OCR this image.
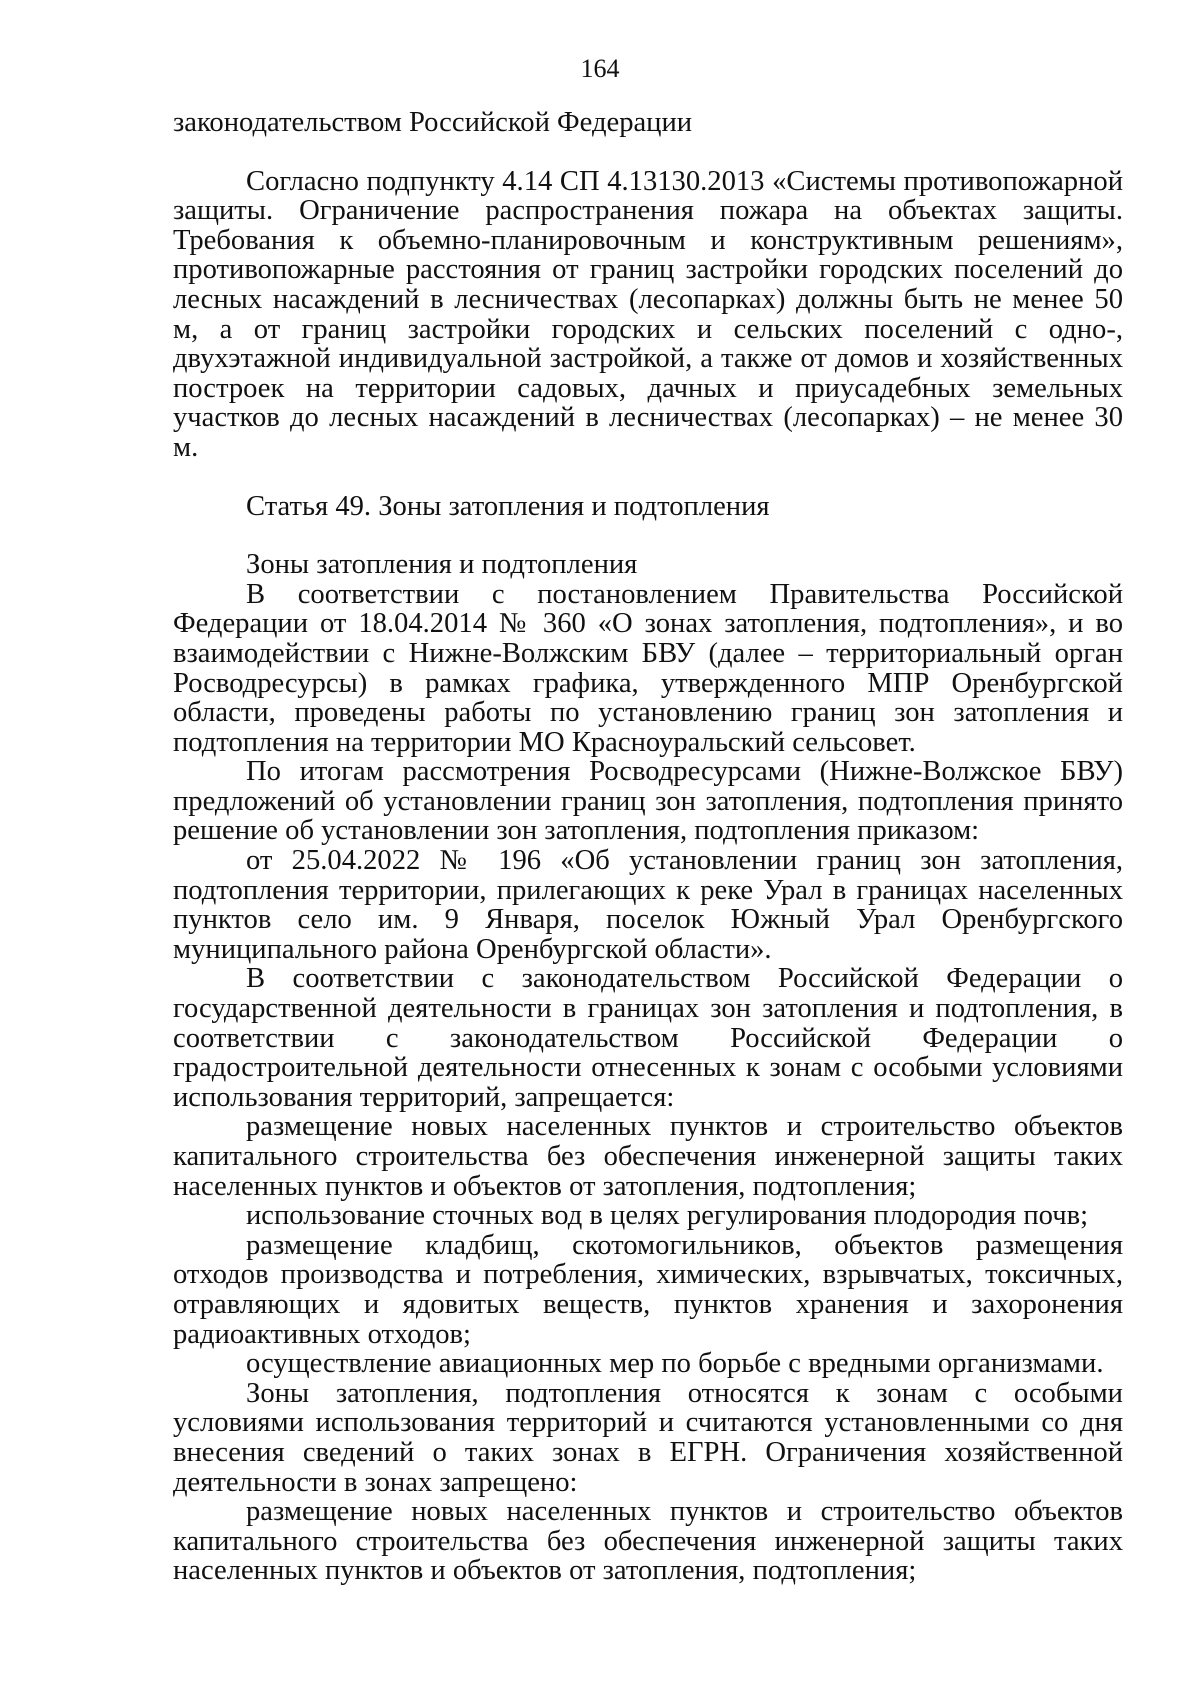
164

законодательством Российской Федерации

Согласно подпункту 4.14 СП 4.13130.2013 «Системы противопожарной защиты. Ограничение распространения пожара на объектах защиты. Требования к объемно-планировочным и конструктивным решениям», противопожарные расстояния от границ застройки городских поселений до лесных насаждений в лесничествах (лесопарках) должны быть не менее 50 м, а от границ застройки городских и сельских поселений с одно-, двухэтажной индивидуальной застройкой, а также от домов и хозяйственных построек на территории садовых, дачных и приусадебных земельных участков до лесных насаждений в лесничествах (лесопарках) – не менее 30 м.

Статья 49. Зоны затопления и подтопления

Зоны затопления и подтопления

В соответствии с постановлением Правительства Российской Федерации от 18.04.2014 № 360 «О зонах затопления, подтопления», и во взаимодействии с Нижне-Волжским БВУ (далее – территориальный орган Росводресурсы) в рамках графика, утвержденного МПР Оренбургской области, проведены работы по установлению границ зон затопления и подтопления на территории МО Красноуральский сельсовет.

По итогам рассмотрения Росводресурсами (Нижне-Волжское БВУ) предложений об установлении границ зон затопления, подтопления принято решение об установлении зон затопления, подтопления приказом:

от 25.04.2022 № 196 «Об установлении границ зон затопления, подтопления территории, прилегающих к реке Урал в границах населенных пунктов село им. 9 Января, поселок Южный Урал Оренбургского муниципального района Оренбургской области».

В соответствии с законодательством Российской Федерации о государственной деятельности в границах зон затопления и подтопления, в соответствии с законодательством Российской Федерации о градостроительной деятельности отнесенных к зонам с особыми условиями использования территорий, запрещается:

размещение новых населенных пунктов и строительство объектов капитального строительства без обеспечения инженерной защиты таких населенных пунктов и объектов от затопления, подтопления;

использование сточных вод в целях регулирования плодородия почв;

размещение кладбищ, скотомогильников, объектов размещения отходов производства и потребления, химических, взрывчатых, токсичных, отравляющих и ядовитых веществ, пунктов хранения и захоронения радиоактивных отходов;

осуществление авиационных мер по борьбе с вредными организмами.

Зоны затопления, подтопления относятся к зонам с особыми условиями использования территорий и считаются установленными со дня внесения сведений о таких зонах в ЕГРН. Ограничения хозяйственной деятельности в зонах запрещено:

размещение новых населенных пунктов и строительство объектов капитального строительства без обеспечения инженерной защиты таких населенных пунктов и объектов от затопления, подтопления;
